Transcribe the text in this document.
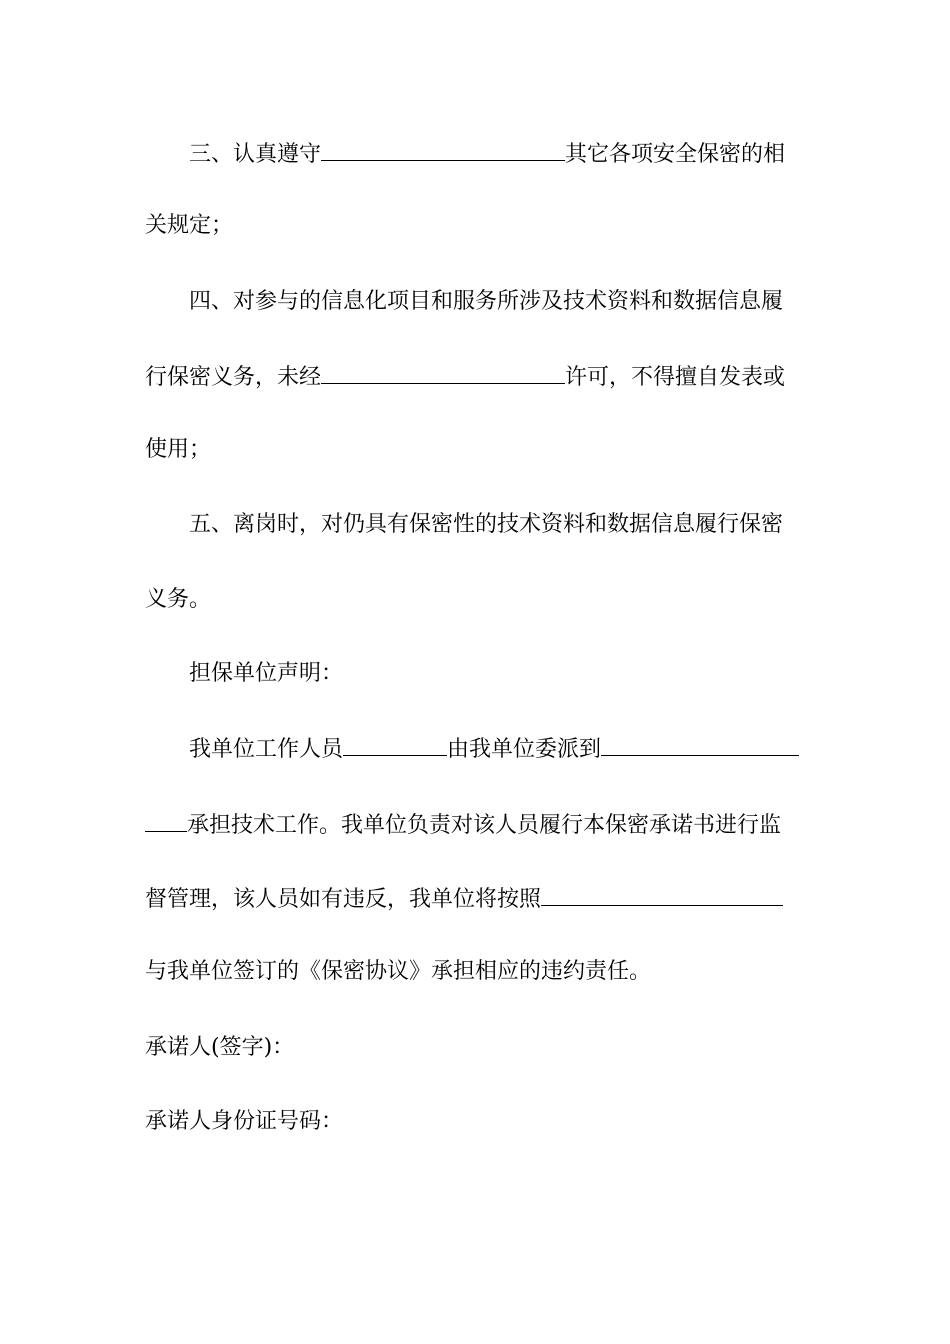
三、认真遵守	其它各项安全保密的相
关规定；
四、对参与的信息化项目和服务所涉及技术资料和数据信息履
行保密义务，未经	许可，不得擅自发表或
使用；
五、离岗时，对仍具有保密性的技术资料和数据信息履行保密
义务。
担保单位声明：
我单位工作人员	由我单位委派到
承担技术工作。我单位负责对该人员履行本保密承诺书进行监
督管理，该人员如有违反，我单位将按照
与我单位签订的《保密协议》承担相应的违约责任。
承诺人(签字)：
承诺人身份证号码：
